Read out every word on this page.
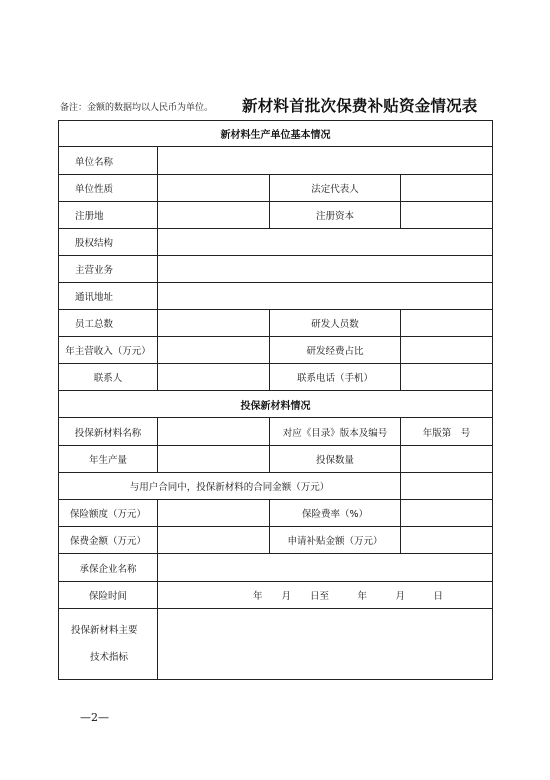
备注：金额的数据均以人民币为单位。 新材料首批次保费补贴资金情况表
新材料生产单位基本情况			
单位名称			
单位性质		法定代表人	
注册地		注册资本	
股权结构			
主营业务			
通讯地址			
员工总数		研发人员数	
年主营收入（万元）		研发经费占比	
联系人		联系电话（手机）	
投保新材料情况			
投保新材料名称		对应《目录》版本及编号	年版第　号
年生产量		投保数量	
与用户合同中，投保新材料的合同金额（万元）			
保险额度（万元）		保险费率（%）	
保费金额（万元）		申请补贴金额（万元）	
承保企业名称			
保险时间	年　　月　　日至　　　年　　　月　　　日		

投保新材料主要
技术指标			

—2—
